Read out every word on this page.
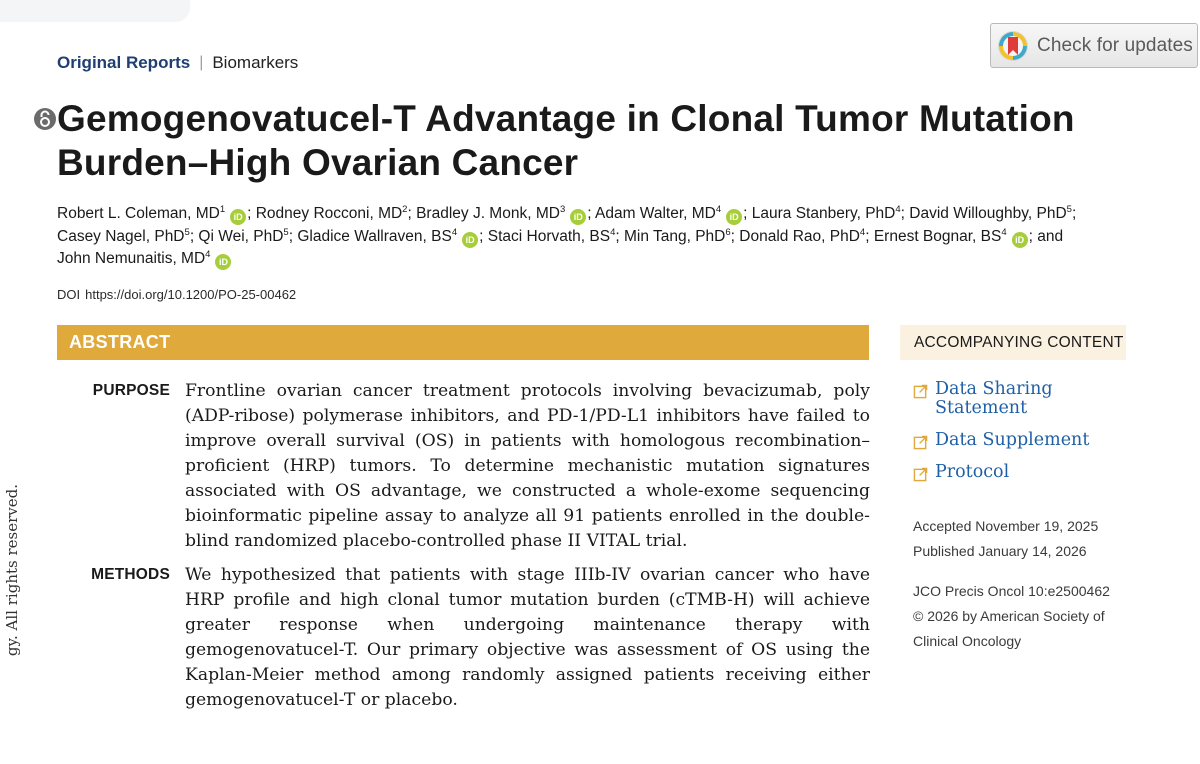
Check for updates
Original Reports | Biomarkers
Gemogenovatucel-T Advantage in Clonal Tumor Mutation Burden–High Ovarian Cancer
Robert L. Coleman, $MD^1iD$ ; Rodney Rocconi, $MD^2$; Bradley J. Monk, $MD^3iD$ ; Adam Walter, $MD^4iD$ ; Laura Stanbery, PhD$^4$; David Willoughby, PhD$^5$;
Casey Nagel, PhD$^5$; Qi Wei, PhD$^5$; Gladice Wallraven, $BS^4iD$ ; Staci Horvath, $BS^4$; Min Tang, PhD$^6$; Donald Rao, PhD$^4$; Ernest Bognar, $BS^4iD$ ; and
John Nemunaitis, $MD^4iD$
DOI https://doi.org/10.1200/PO-25-00462
ABSTRACT
PURPOSE Frontline ovarian cancer treatment protocols involving bevacizumab, poly (ADP-ribose) polymerase inhibitors, and PD-1/PD-L1 inhibitors have failed to improve overall survival (OS) in patients with homologous recombination–proficient (HRP) tumors. To determine mechanistic mutation signatures associated with OS advantage, we constructed a whole-exome sequencing bioinformatic pipeline assay to analyze all 91 patients enrolled in the double-blind randomized placebo-controlled phase II VITAL trial.

METHODS We hypothesized that patients with stage IIIb-IV ovarian cancer who have HRP profile and high clonal tumor mutation burden (cTMB-H) will achieve greater response when undergoing maintenance therapy with gemogenovatucel-T. Our primary objective was assessment of OS using the Kaplan-Meier method among randomly assigned patients receiving either gemogenovatucel-T or placebo.

ACCOMPANYING CONTENT
Data Sharing Statement
Data Supplement
Protocol
Accepted November 19, 2025
Published January 14, 2026
JCO Precis Oncol 10:e2500462
© 2026 by American Society of
Clinical Oncology
gy. All rights reserved.
